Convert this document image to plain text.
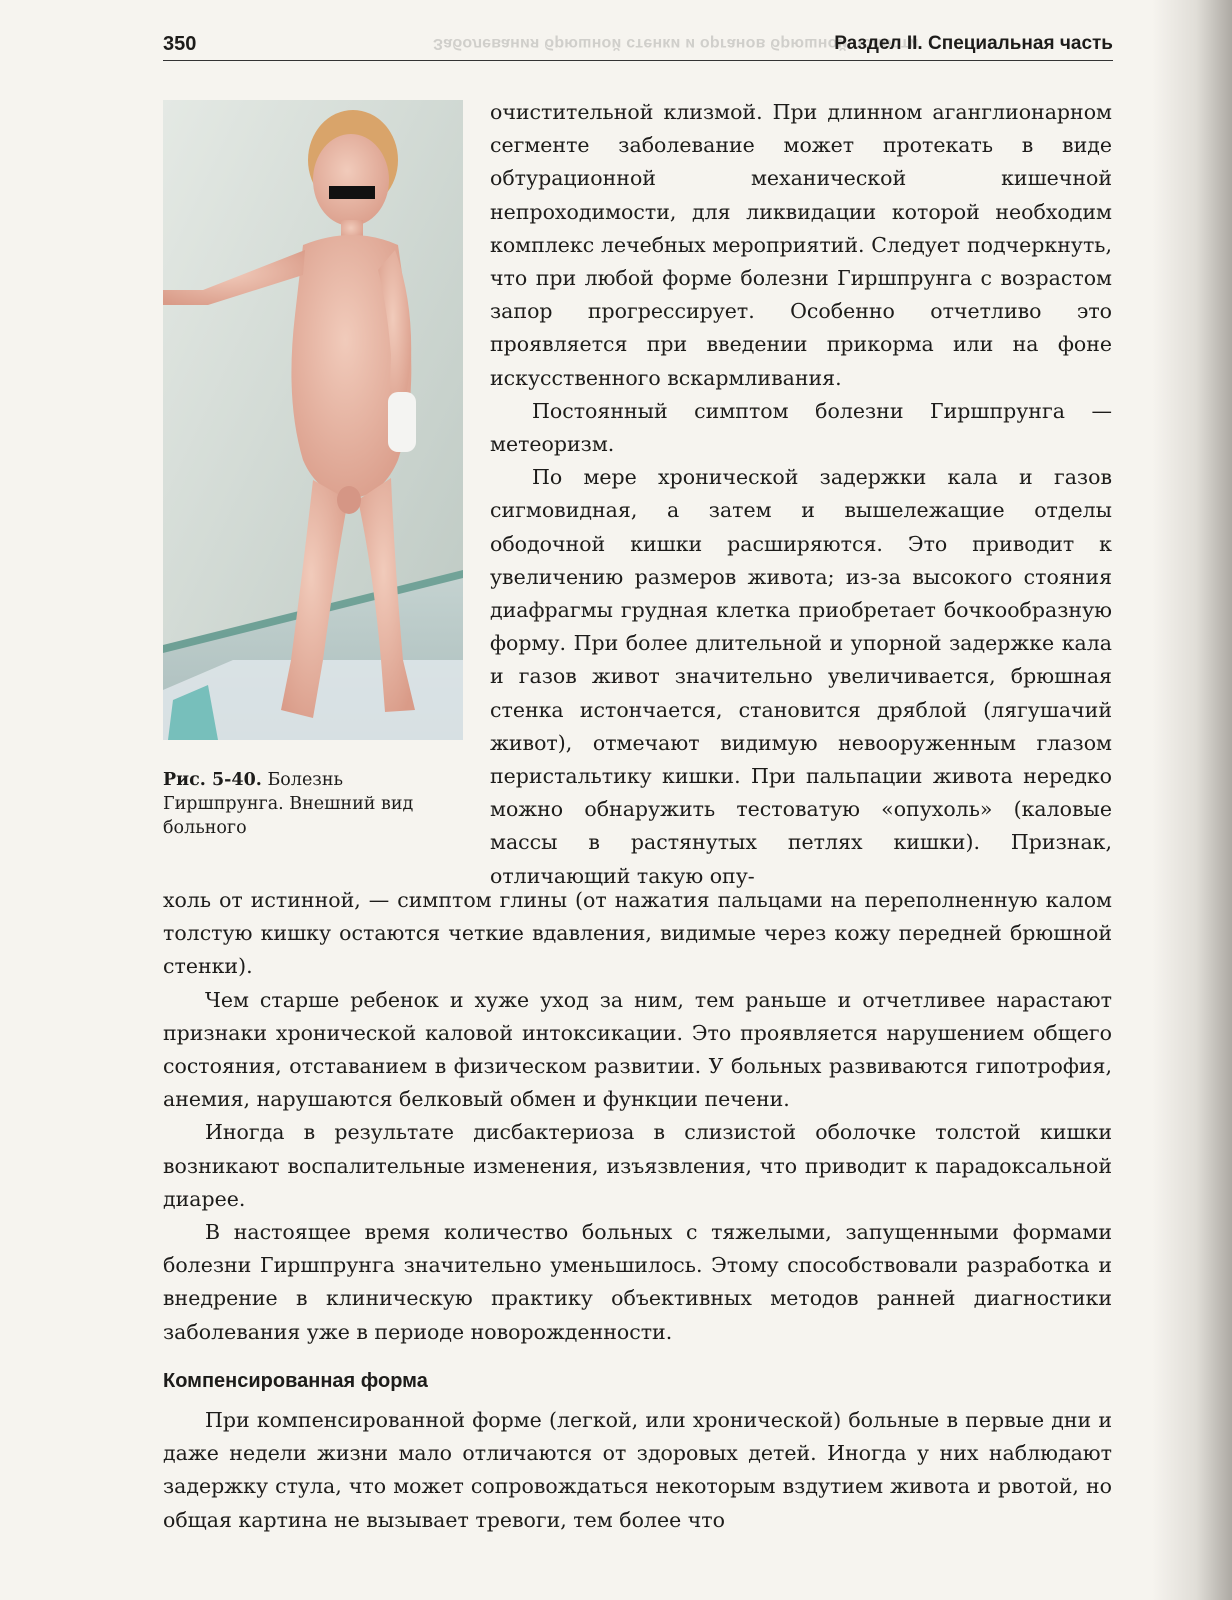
350	Заболевания брюшной стенки и органов брюшной полости
Раздел II. Специальная часть
Рис. 5-40. Болезнь Гиршпрунга. Внешний вид больного

очистительной клизмой. При длинном аганглионарном сегменте заболевание может протекать в виде обтурационной механической кишечной непроходимости, для ликвидации которой необходим комплекс лечебных мероприятий. Следует подчеркнуть, что при любой форме болезни Гиршпрунга с возрастом запор прогрессирует. Особенно отчетливо это проявляется при введении прикорма или на фоне искусственного вскармливания.

Постоянный симптом болезни Гиршпрунга — метеоризм.

По мере хронической задержки кала и газов сигмовидная, а затем и вышележащие отделы ободочной кишки расширяются. Это приводит к увеличению размеров живота; из-за высокого стояния диафрагмы грудная клетка приобретает бочкообразную форму. При более длительной и упорной задержке кала и газов живот значительно увеличивается, брюшная стенка истончается, становится дряблой (лягушачий живот), отмечают видимую невооруженным глазом перистальтику кишки. При пальпации живота нередко можно обнаружить тестоватую «опухоль» (каловые массы в растянутых петлях кишки). Признак, отличающий такую опу-

холь от истинной, — симптом глины (от нажатия пальцами на переполненную калом толстую кишку остаются четкие вдавления, видимые через кожу передней брюшной стенки).

Чем старше ребенок и хуже уход за ним, тем раньше и отчетливее нарастают признаки хронической каловой интоксикации. Это проявляется нарушением общего состояния, отставанием в физическом развитии. У больных развиваются гипотрофия, анемия, нарушаются белковый обмен и функции печени.

Иногда в результате дисбактериоза в слизистой оболочке толстой кишки возникают воспалительные изменения, изъязвления, что приводит к парадоксальной диарее.

В настоящее время количество больных с тяжелыми, запущенными формами болезни Гиршпрунга значительно уменьшилось. Этому способствовали разработка и внедрение в клиническую практику объективных методов ранней диагностики заболевания уже в периоде новорожденности.

Компенсированная форма

При компенсированной форме (легкой, или хронической) больные в первые дни и даже недели жизни мало отличаются от здоровых детей. Иногда у них наблюдают задержку стула, что может сопровождаться некоторым вздутием живота и рвотой, но общая картина не вызывает тревоги, тем более что
